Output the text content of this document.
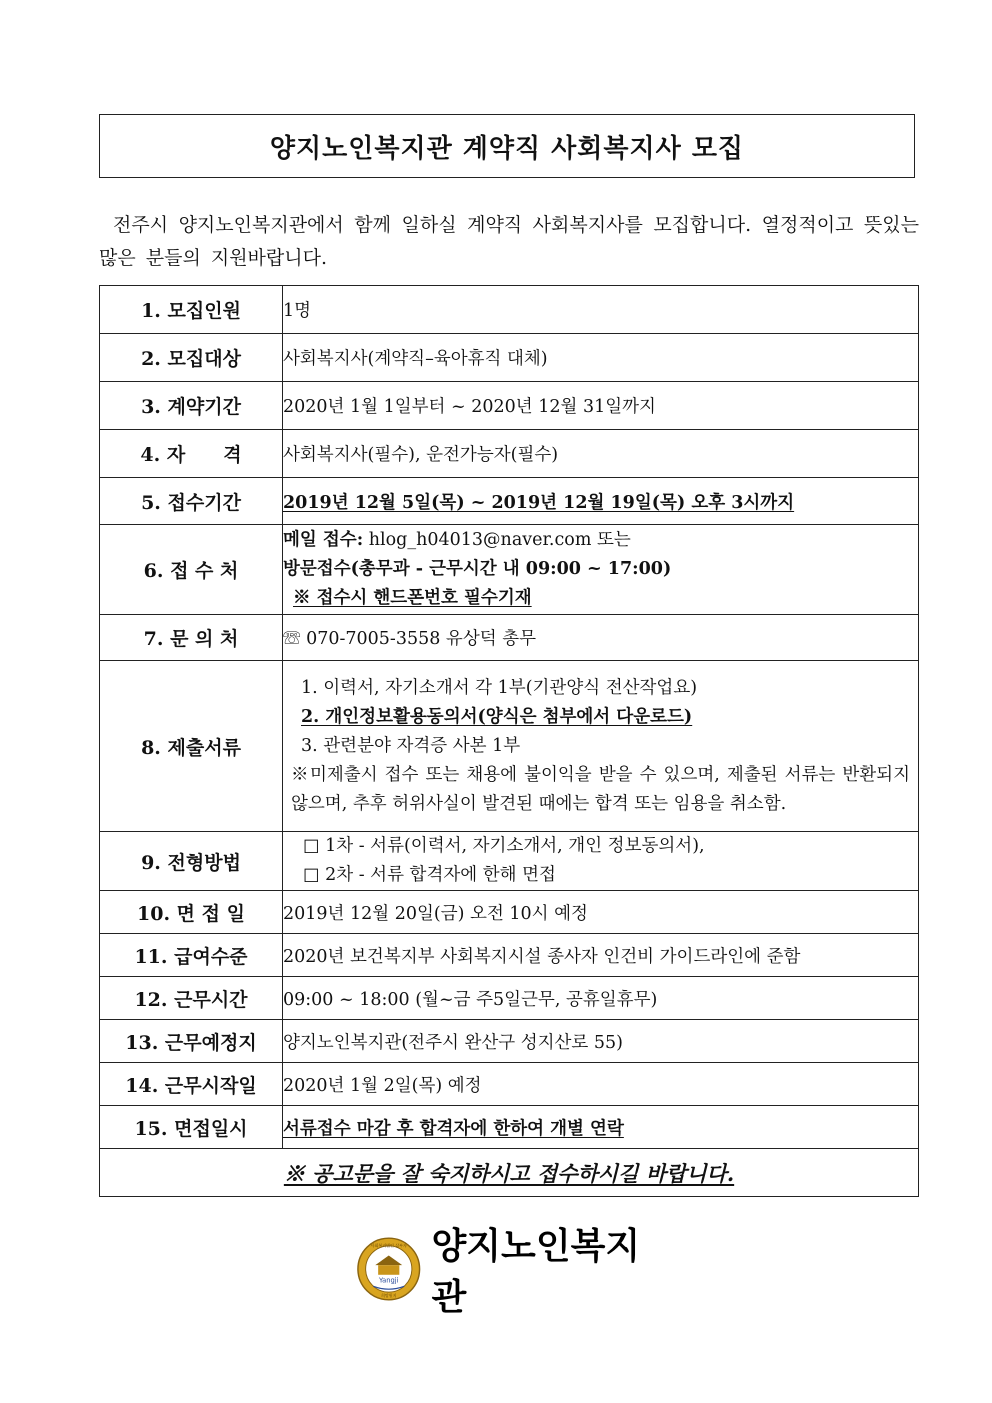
양지노인복지관 계약직 사회복지사 모집
전주시 양지노인복지관에서 함께 일하실 계약직 사회복지사를 모집합니다. 열정적이고 뜻있는 많은 분들의 지원바랍니다.
1. 모집인원	1명
2. 모집대상	사회복지사(계약직–육아휴직 대체)
3. 계약기간	2020년 1월 1일부터 ~ 2020년 12월 31일까지
4. 자　　격	사회복지사(필수), 운전가능자(필수)
5. 접수기간	2019년 12월 5일(목) ~ 2019년 12월 19일(목) 오후 3시까지
6. 접 수 처	메일 접수: hlog_h04013@naver.com 또는
방문접수(총무과 - 근무시간 내 09:00 ~ 17:00)
※ 접수시 핸드폰번호 필수기재

7. 문 의 처	☏ 070-7005-3558 유상덕 총무
8. 제출서류	1. 이력서, 자기소개서 각 1부(기관양식 전산작업요)
2. 개인정보활용동의서(양식은 첨부에서 다운로드)
3. 관련분야 자격증 사본 1부
※미제출시 접수 또는 채용에 불이익을 받을 수 있으며, 제출된 서류는 반환되지 않으며, 추후 허위사실이 발견된 때에는 합격 또는 임용을 취소함.

9. 전형방법	□ 1차 - 서류(이력서, 자기소개서, 개인 정보동의서),
□ 2차 - 서류 합격자에 한해 면접

10. 면 접 일	2019년 12월 20일(금) 오전 10시 예정
11. 급여수준	2020년 보건복지부 사회복지시설 종사자 인건비 가이드라인에 준함
12. 근무시간	09:00 ~ 18:00 (월~금 주5일근무, 공휴일휴무)
13. 근무예정지	양지노인복지관(전주시 완산구 성지산로 55)
14. 근무시작일	2020년 1월 2일(목) 예정
15. 면접일시	서류접수 마감 후 합격자에 한하여 개별 연락
※ 공고문을 잘 숙지하시고 접수하시길 바랍니다.	
Yangji
사회복지법인 삼부자
희망원지
양지노인복지관
